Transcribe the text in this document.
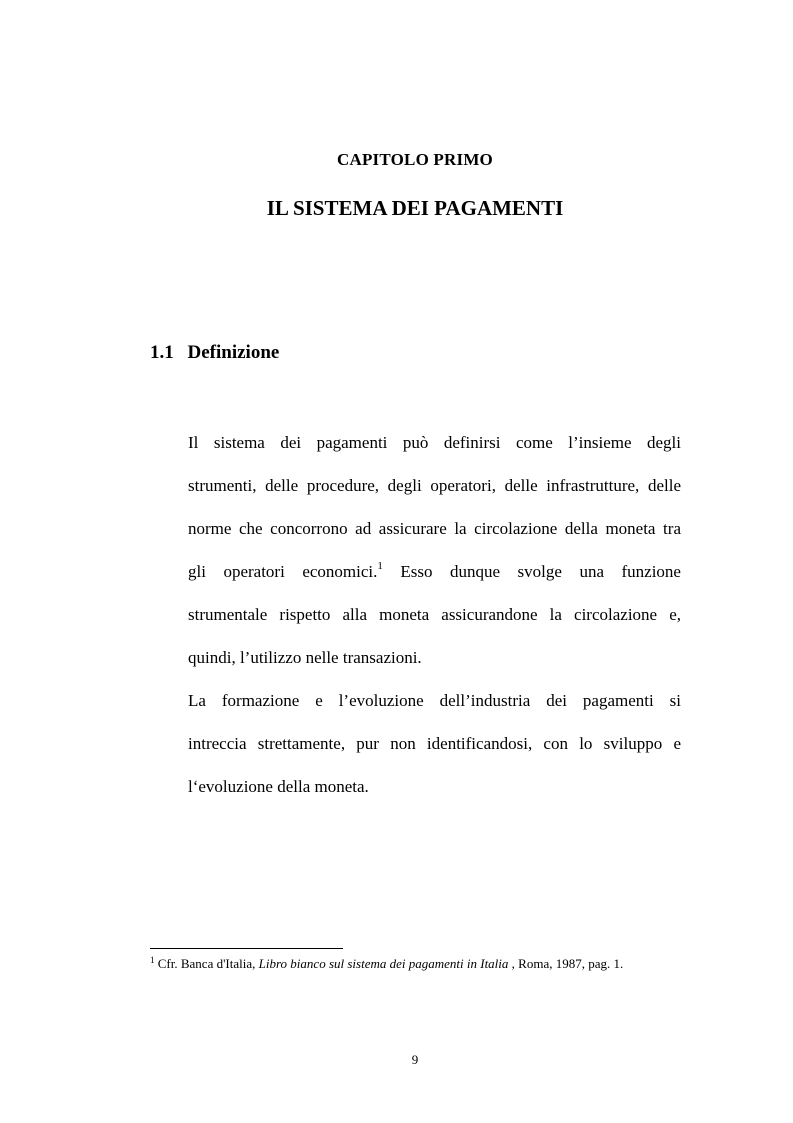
CAPITOLO PRIMO
IL SISTEMA DEI PAGAMENTI
1.1 Definizione

Il sistema dei pagamenti può definirsi come l’insieme degli
strumenti, delle procedure, degli operatori, delle infrastrutture, delle
norme che concorrono ad assicurare la circolazione della moneta tra
gli operatori economici.$^1$ Esso dunque svolge una funzione
strumentale rispetto alla moneta assicurandone la circolazione e,
quindi, l’utilizzo nelle transazioni.

La formazione e l’evoluzione dell’industria dei pagamenti si
intreccia strettamente, pur non identificandosi, con lo sviluppo e
l‘evoluzione della moneta.

$^1$ Cfr. Banca d'Italia, Libro bianco sul sistema dei pagamenti in Italia , Roma, 1987, pag. 1.
9
